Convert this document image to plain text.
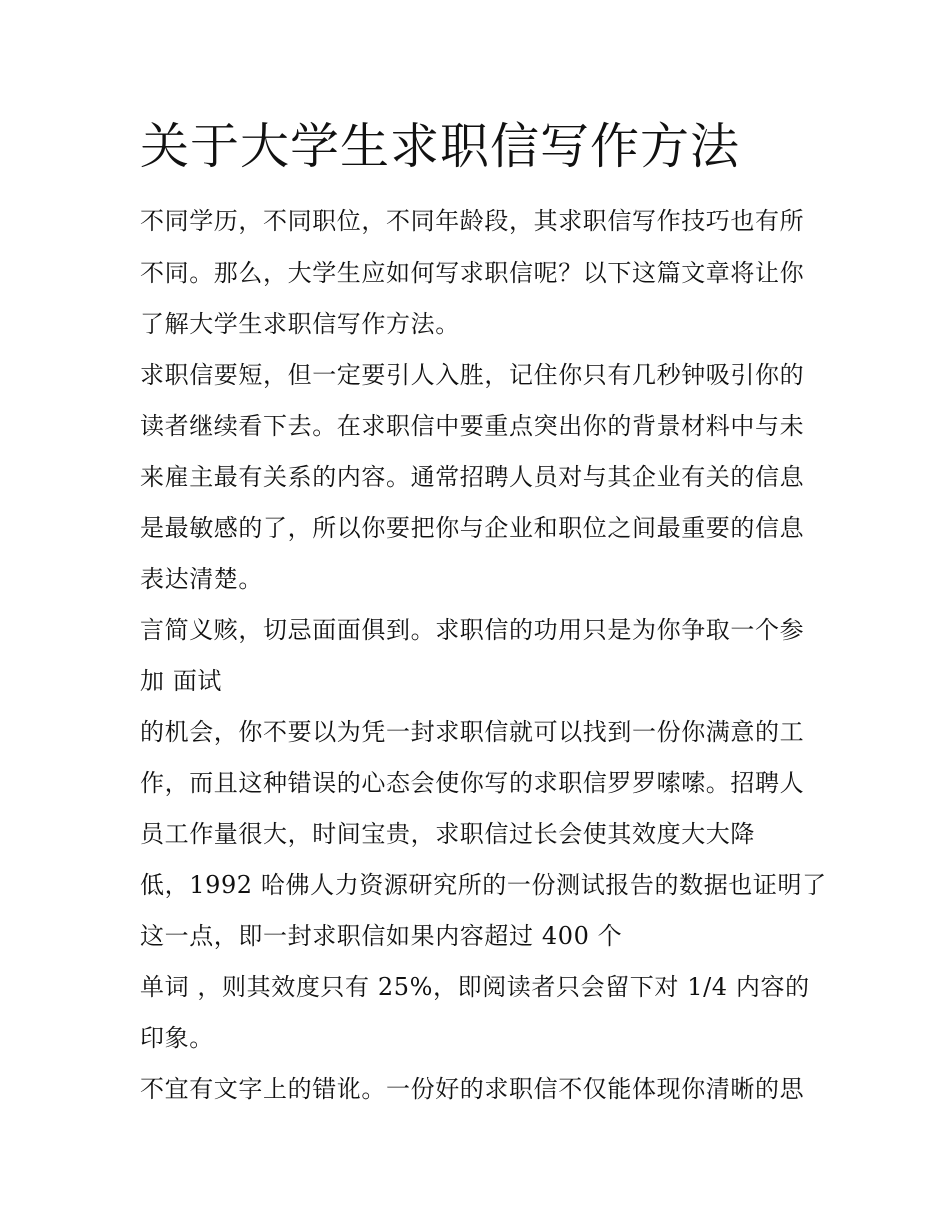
关于大学生求职信写作方法
不同学历，不同职位，不同年龄段，其求职信写作技巧也有所
不同。那么，大学生应如何写求职信呢？以下这篇文章将让你
了解大学生求职信写作方法。
求职信要短，但一定要引人入胜，记住你只有几秒钟吸引你的
读者继续看下去。在求职信中要重点突出你的背景材料中与未
来雇主最有关系的内容。通常招聘人员对与其企业有关的信息
是最敏感的了，所以你要把你与企业和职位之间最重要的信息
表达清楚。
言简义赅，切忌面面俱到。求职信的功用只是为你争取一个参
加 面试
的机会，你不要以为凭一封求职信就可以找到一份你满意的工
作，而且这种错误的心态会使你写的求职信罗罗嗦嗦。招聘人
员工作量很大，时间宝贵，求职信过长会使其效度大大降
低，1992 哈佛人力资源研究所的一份测试报告的数据也证明了
这一点，即一封求职信如果内容超过 400 个
单词 ，则其效度只有 25%，即阅读者只会留下对 1/4 内容的
印象。
不宜有文字上的错讹。一份好的求职信不仅能体现你清晰的思
